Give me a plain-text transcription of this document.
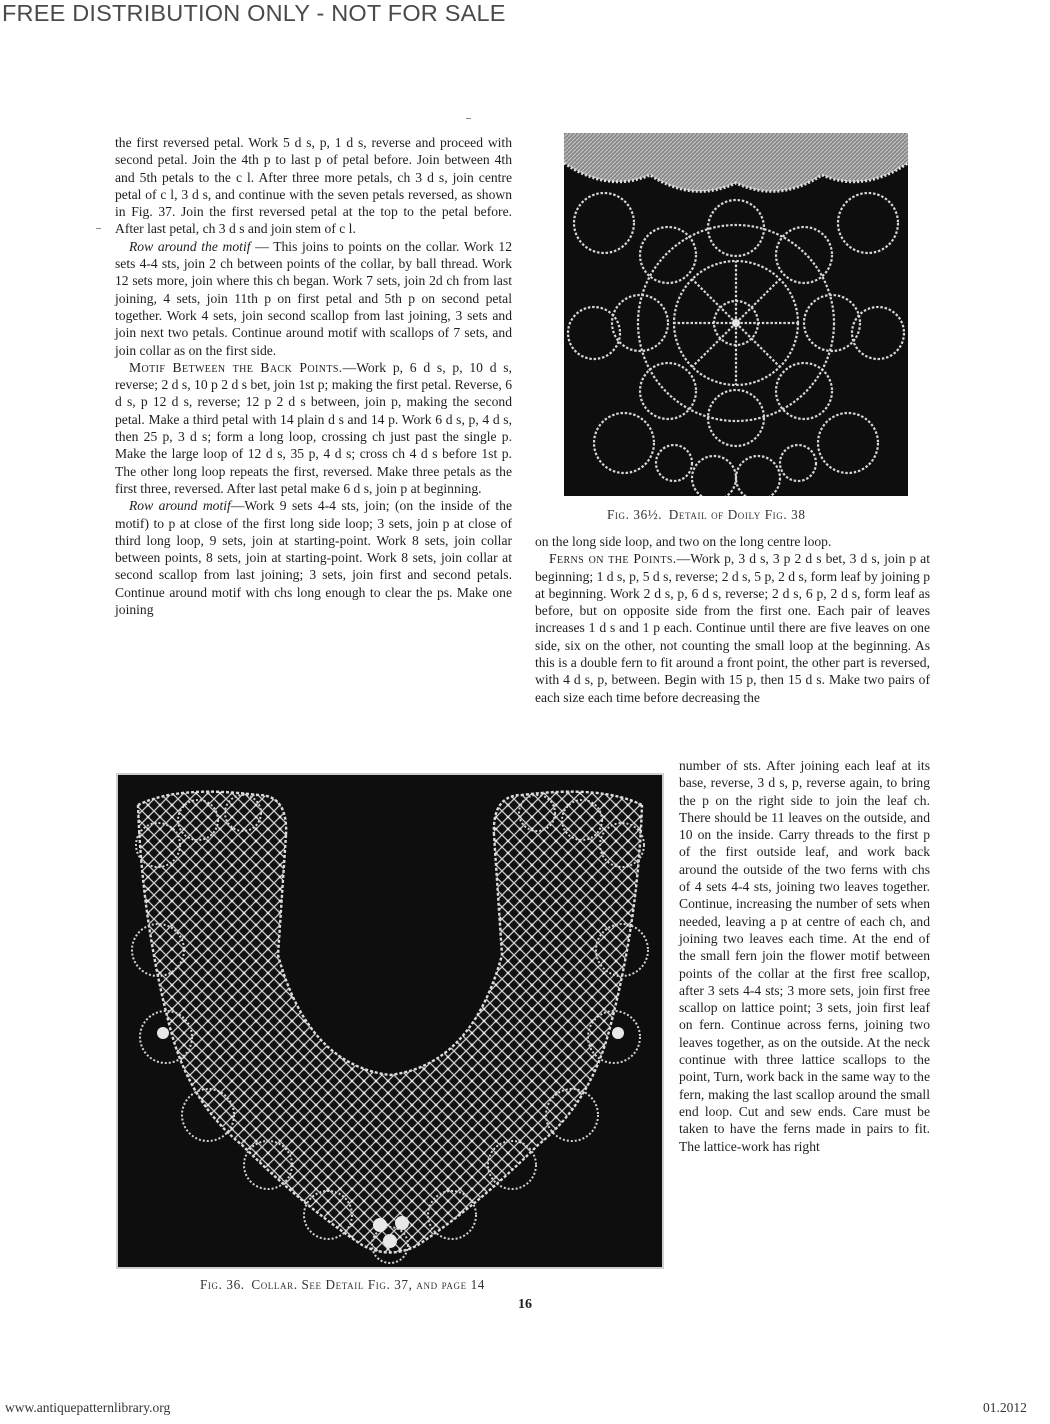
FREE DISTRIBUTION ONLY - NOT FOR SALE

the first reversed petal. Work 5 d s, p, 1 d s, reverse and proceed with second petal. Join the 4th p to last p of petal before. Join between 4th and 5th petals to the c l. After three more petals, ch 3 d s, join centre petal of c l, 3 d s, and continue with the seven petals reversed, as shown in Fig. 37. Join the first reversed petal at the top to the petal before. After last petal, ch 3 d s and join stem of c l.

Row around the motif — This joins to points on the collar. Work 12 sets 4-4 sts, join 2 ch between points of the collar, by ball thread. Work 12 sets more, join where this ch began. Work 7 sets, join 2d ch from last joining, 4 sets, join 11th p on first petal and 5th p on second petal together. Work 4 sets, join second scallop from last joining, 3 sets and join next two petals. Continue around motif with scallops of 7 sets, and join collar as on the first side.

Motif Between the Back Points.—Work p, 6 d s, p, 10 d s, reverse; 2 d s, 10 p 2 d s bet, join 1st p; making the first petal. Reverse, 6 d s, p 12 d s, reverse; 12 p 2 d s between, join p, making the second petal. Make a third petal with 14 plain d s and 14 p. Work 6 d s, p, 4 d s, then 25 p, 3 d s; form a long loop, crossing ch just past the single p. Make the large loop of 12 d s, 35 p, 4 d s; cross ch 4 d s before 1st p. The other long loop repeats the first, reversed. Make three petals as the first three, reversed. After last petal make 6 d s, join p at beginning.

Row around motif—Work 9 sets 4-4 sts, join; (on the inside of the motif) to p at close of the first long side loop; 3 sets, join p at close of third long loop, 9 sets, join at starting-point. Work 8 sets, join collar between points, 8 sets, join at starting-point. Work 8 sets, join collar at second scallop from last joining; 3 sets, join first and second petals. Continue around motif with chs long enough to clear the ps. Make one joining

Fig. 36½. Detail of Doily Fig. 38

on the long side loop, and two on the long centre loop.

Ferns on the Points.—Work p, 3 d s, 3 p 2 d s bet, 3 d s, join p at beginning; 1 d s, p, 5 d s, reverse; 2 d s, 5 p, 2 d s, form leaf by joining p at beginning. Work 2 d s, p, 6 d s, reverse; 2 d s, 6 p, 2 d s, form leaf as before, but on opposite side from the first one. Each pair of leaves increases 1 d s and 1 p each. Continue until there are five leaves on one side, six on the other, not counting the small loop at the beginning. As this is a double fern to fit around a front point, the other part is reversed, with 4 d s, p, between. Begin with 15 p, then 15 d s. Make two pairs of each size each time before decreasing the

Fig. 36. Collar. See Detail Fig. 37, and page 14

number of sts. After joining each leaf at its base, reverse, 3 d s, p, reverse again, to bring the p on the right side to join the leaf ch. There should be 11 leaves on the outside, and 10 on the inside. Carry threads to the first p of the first outside leaf, and work back around the outside of the two ferns with chs of 4 sets 4-4 sts, joining two leaves together. Continue, increasing the number of sets when needed, leaving a p at centre of each ch, and joining two leaves each time. At the end of the small fern join the flower motif between points of the collar at the first free scallop, after 3 sets 4-4 sts; 3 more sets, join first free scallop on lattice point; 3 sets, join first leaf on fern. Continue across ferns, joining two leaves together, as on the outside. At the neck continue with three lattice scallops to the point, Turn, work back in the same way to the fern, making the last scallop around the small end loop. Cut and sew ends. Care must be taken to have the ferns made in pairs to fit. The lattice-work has right

16
www.antiquepatternlibrary.org	01.2012
